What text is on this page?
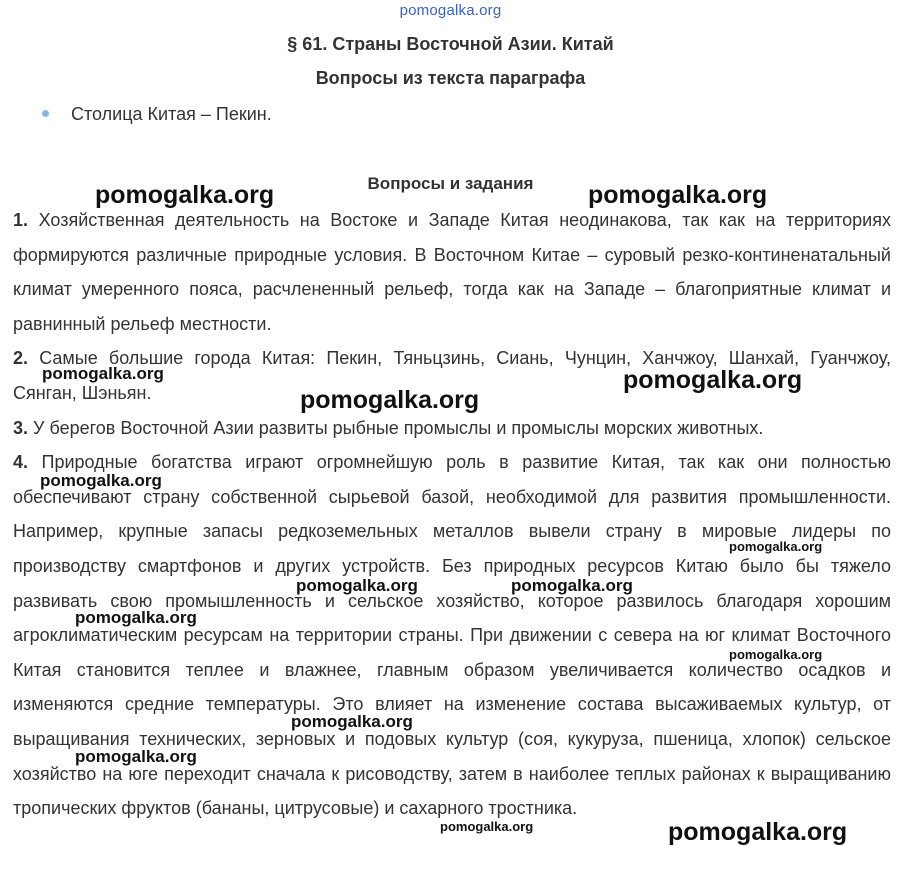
pomogalka.org
§ 61. Страны Восточной Азии. Китай
Вопросы из текста параграфа
Столица Китая – Пекин.
Вопросы и задания

1. Хозяйственная деятельность на Востоке и Западе Китая неодинакова, так как на территориях формируются различные природные условия. В Восточном Китае – суровый резко-континенатальный климат умеренного пояса, расчлененный рельеф, тогда как на Западе – благоприятные климат и равнинный рельеф местности.

2. Самые большие города Китая: Пекин, Тяньцзинь, Сиань, Чунцин, Ханчжоу, Шанхай, Гуанчжоу, Сянган, Шэньян.

3. У берегов Восточной Азии развиты рыбные промыслы и промыслы морских животных.

4. Природные богатства играют огромнейшую роль в развитие Китая, так как они полностью обеспечивают страну собственной сырьевой базой, необходимой для развития промышленности. Например, крупные запасы редкоземельных металлов вывели страну в мировые лидеры по производству смартфонов и других устройств. Без природных ресурсов Китаю было бы тяжело развивать свою промышленность и сельское хозяйство, которое развилось благодаря хорошим агроклиматическим ресурсам на территории страны. При движении с севера на юг климат Восточного Китая становится теплее и влажнее, главным образом увеличивается количество осадков и изменяются средние температуры. Это влияет на изменение состава высаживаемых культур, от выращивания технических, зерновых и подовых культур (соя, кукуруза, пшеница, хлопок) сельское хозяйство на юге переходит сначала к рисоводству, затем в наиболее теплых районах к выращиванию тропических фруктов (бананы, цитрусовые) и сахарного тростника.

pomogalka.org	pomogalka.org
pomogalka.org	pomogalka.org
pomogalka.org
pomogalka.org
pomogalka.org
pomogalka.org	pomogalka.org
pomogalka.org
pomogalka.org
pomogalka.org
pomogalka.org
pomogalka.org	pomogalka.org
